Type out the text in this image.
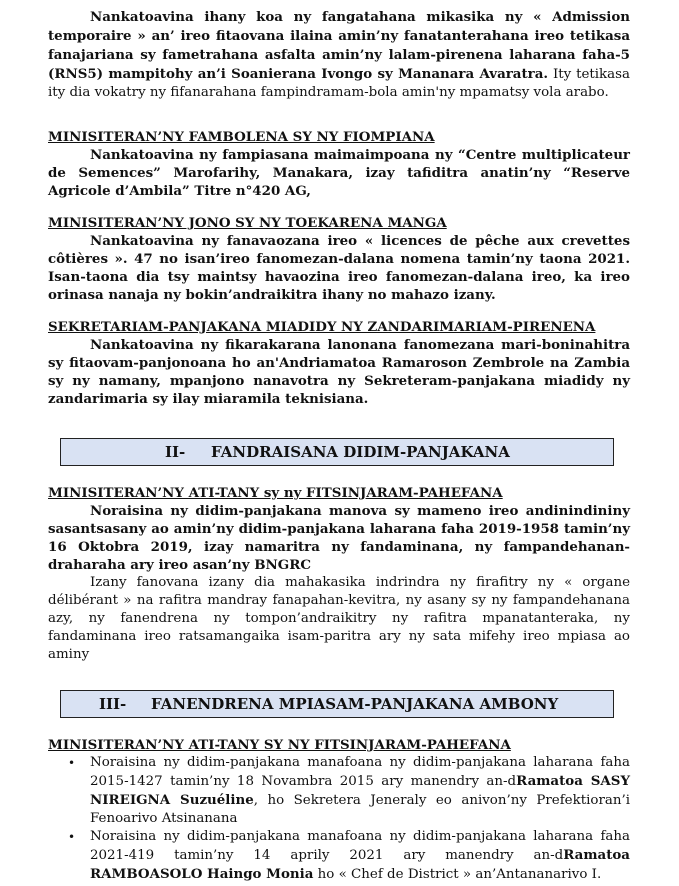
Nankatoavina ihany koa ny fangatahana mikasika ny « Admission temporaire » an’ ireo fitaovana ilaina amin’ny fanatanterahana ireo tetikasa fanajariana sy fametrahana asfalta amin’ny lalam-pirenena laharana faha-5 (RNS5) mampitohy an’i Soanierana Ivongo sy Mananara Avaratra. Ity tetikasa ity dia vokatry ny fifanarahana fampindramam-bola amin'ny mpamatsy vola arabo.

MINISITERAN’NY FAMBOLENA SY NY FIOMPIANA

Nankatoavina ny fampiasana maimaimpoana ny “Centre multiplicateur de Semences” Marofarihy, Manakara, izay tafiditra anatin’ny “Reserve Agricole d’Ambila” Titre n°420 AG,

MINISITERAN’NY JONO SY NY TOEKARENA MANGA

Nankatoavina ny fanavaozana ireo « licences de pêche aux crevettes côtières ». 47 no isan’ireo fanomezan-dalana nomena tamin’ny taona 2021. Isan-taona dia tsy maintsy havaozina ireo fanomezan-dalana ireo, ka ireo orinasa nanaja ny bokin’andraikitra ihany no mahazo izany.

SEKRETARIAM-PANJAKANA MIADIDY NY ZANDARIMARIAM-PIRENENA

Nankatoavina ny fikarakarana lanonana fanomezana mari-boninahitra sy fitaovam-panjonoana ho an'Andriamatoa Ramaroson Zembrole na Zambia sy ny namany, mpanjono nanavotra ny Sekreteram-panjakana miadidy ny zandarimaria sy ilay miaramila teknisiana.

II- FANDRAISANA DIDIM-PANJAKANA

MINISITERAN’NY ATI-TANY sy ny FITSINJARAM-PAHEFANA

Noraisina ny didim-panjakana manova sy mameno ireo andinindininy sasantsasany ao amin’ny didim-panjakana laharana faha 2019-1958 tamin’ny 16 Oktobra 2019, izay namaritra ny fandaminana, ny fampandehanan-draharaha ary ireo asan’ny BNGRC

Izany fanovana izany dia mahakasika indrindra ny firafitry ny « organe délibérant » na rafitra mandray fanapahan-kevitra, ny asany sy ny fampandehanana azy, ny fanendrena ny tompon’andraikitry ny rafitra mpanatanteraka, ny fandaminana ireo ratsamangaika isam-paritra ary ny sata mifehy ireo mpiasa ao aminy

III- FANENDRENA MPIASAM-PANJAKANA AMBONY

MINISITERAN’NY ATI-TANY SY NY FITSINJARAM-PAHEFANA

• Noraisina ny didim-panjakana manafoana ny didim-panjakana laharana faha 2015-1427 tamin’ny 18 Novambra 2015 ary manendry an-dRamatoa SASY NIREIGNA Suzuéline, ho Sekretera Jeneraly eo anivon’ny Prefektioran’i Fenoarivo Atsinanana
• Noraisina ny didim-panjakana manafoana ny didim-panjakana laharana faha 2021-419 tamin’ny 14 aprily 2021 ary manendry an-dRamatoa RAMBOASOLO Haingo Monia ho « Chef de District » an’Antananarivo I.
